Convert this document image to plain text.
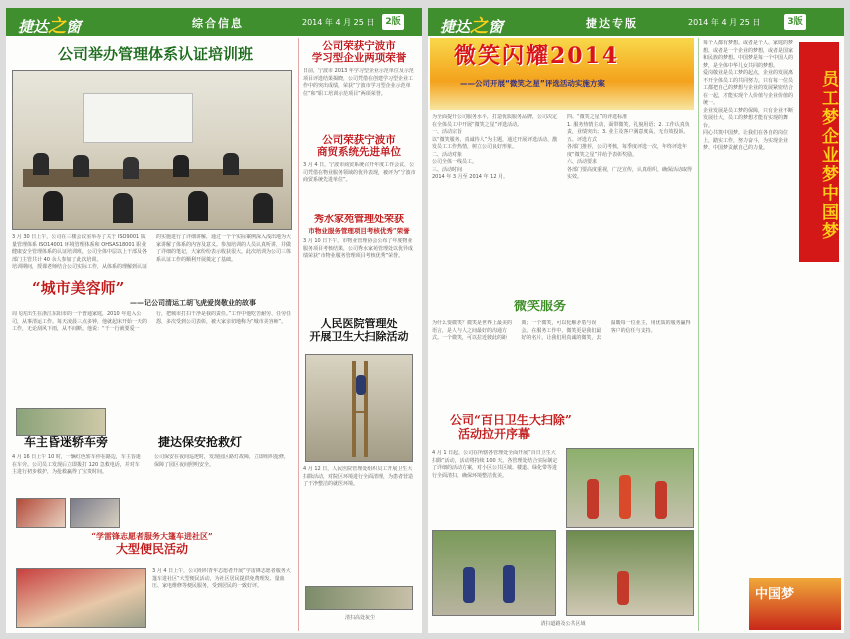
捷达之窗	综合信息	2014 年 4 月 25 日	2版
公司举办管理体系认证培训班
3 月 30 日上午，公司在三楼会议室举办了关于 ISO9001 质量管理体系 ISO14001 环境管理体系和 OHSAS18001 职业健康安全管理体系的认证培训班，公司全体中层以上干部及各部门主管共计 40 余人参加了此次培训。
培训期间，授课老师结合公司实际工作，从体系的理解到认证的实施进行了详细讲解，通过一个个实际案例深入浅出地为大家讲解了体系的内容及意义。参加培训的人员认真听讲，并做了详细的笔记，大家纷纷表示收获很大。此次培训为公司三体系认证工作的顺利开展奠定了基础。
“城市美容师”
——记公司清运工胡飞虎爱岗敬业的故事
周飞虎出生在浙江东阳市的一个普通家庭，2010 年进入公司，从事清运工作。每天凌晨三点多钟，他就起床开始一天的工作，无论刮风下雨，从不间断。他说：“干一行就要爱一行，把城市打扫干净是我的责任。”工作中他吃苦耐劳、任劳任怨，多次受到公司表彰，被大家亲切地称为“城市美容师”。
车主昏迷轿车旁
4 月 16 日上午 10 时，一辆红色轿车停在路边，车主昏迷在车旁。公司员工发现后立即拨打 120 急救电话，并对车主进行初步救护，为抢救赢得了宝贵时间。
捷达保安抢救灯
公司保安在夜间巡逻时，发现园区路灯故障，立即组织抢修，保障了园区夜间照明安全。
“学雷锋志愿者服务大篷车进社区”
大型便民活动
3 月 4 日上午，公司组织青年志愿者开展“学雷锋志愿者服务大篷车进社区”大型便民活动，为社区居民提供免费理发、量血压、家电维修等便民服务，受到居民的一致好评。
公司荣获宁波市
学习型企业两项荣誉
日前，宁波市 2013 年学习型企业示范单位及示范项目评选结果揭晓，公司凭借在创建学习型企业工作中的突出成绩，荣获“宁波市学习型企业示范单位”和“职工培训示范项目”两项荣誉。
公司荣获宁波市
商贸系统先进单位
3 月 4 日，宁波市商贸系统召开年度工作会议，公司凭借在物业服务领域的优异表现，被评为“宁波市商贸系统先进单位”。
秀水家苑管理处荣获
市物业服务管理项目考核优秀”荣誉
3 月 10 日下午，市物业管理协会公布了年度物业服务项目考核结果，公司秀水家苑管理处以优异成绩荣获“市物业服务管理项目考核优秀”荣誉。
人民医院管理处
开展卫生大扫除活动
4 月 12 日，人民医院管理处组织员工开展卫生大扫除活动，对院区环境进行全面清理，为患者营造了干净整洁的就医环境。
清扫高处灰尘
捷达之窗	捷达专版	2014 年 4 月 25 日	3版
微笑闪耀2014
——公司开展“微笑之星”评选活动实施方案
为全面提升公司服务水平，打造优质服务品牌，公司决定在全体员工中开展“微笑之星”评选活动。
一、活动宗旨
以“微笑服务、真诚待人”为主题，通过开展评选活动，激发员工工作热情，树立公司良好形象。
二、活动对象
公司全体一线员工。
三、活动时间
2014 年 3 月至 2014 年 12 月。
四、“微笑之星”的评选标准
1. 服务热情主动，面带微笑，礼貌用语；2. 工作认真负责，业绩突出；3. 业主及客户满意度高，无有效投诉。
五、评选方式
各部门推荐，公司考核，每季度评选一次，年终评选年度“微笑之星”并给予表彰奖励。
六、活动要求
各部门要高度重视，广泛宣传，认真组织，确保活动取得实效。
微笑服务
为什么要微笑？微笑是世界上最美的语言，是人与人之间最好的沟通方式。一个微笑，可以拉近彼此的距离；一个微笑，可以化解矛盾与误会。在服务工作中，微笑更是我们最好的名片。让我们用真诚的微笑，去温暖每一位业主，用优质的服务赢得客户的信任与支持。
公司“百日卫生大扫除”
活动拉开序幕
4 月 1 日起，公司在所辖各管理处全面开展“百日卫生大扫除”活动，活动将持续 100 天。各管理处结合实际制定了详细的活动方案，对小区公共区域、楼道、绿化带等进行全面清扫，确保环境整洁优美。
清扫道路及公共区域
每个人都有梦想。或者是个人、家庭的梦想，或者是一个企业的梦想，或者是国家和民族的梦想。中国梦是每一个中国人的梦，是全体中华儿女共同的梦想。
爱岗敬业是员工梦的起点，企业的发展离不开全体员工的共同努力。只有每一位员工都把自己的梦想与企业的发展紧密结合在一起，才能实现个人价值与企业价值的统一。
企业发展是员工梦的保障，只有企业不断发展壮大，员工的梦想才能有实现的舞台。
同心共筑中国梦。让我们在各自的岗位上，踏实工作，努力奋斗，为实现企业梦、中国梦贡献自己的力量。	员工梦企业梦中国梦
中国梦
